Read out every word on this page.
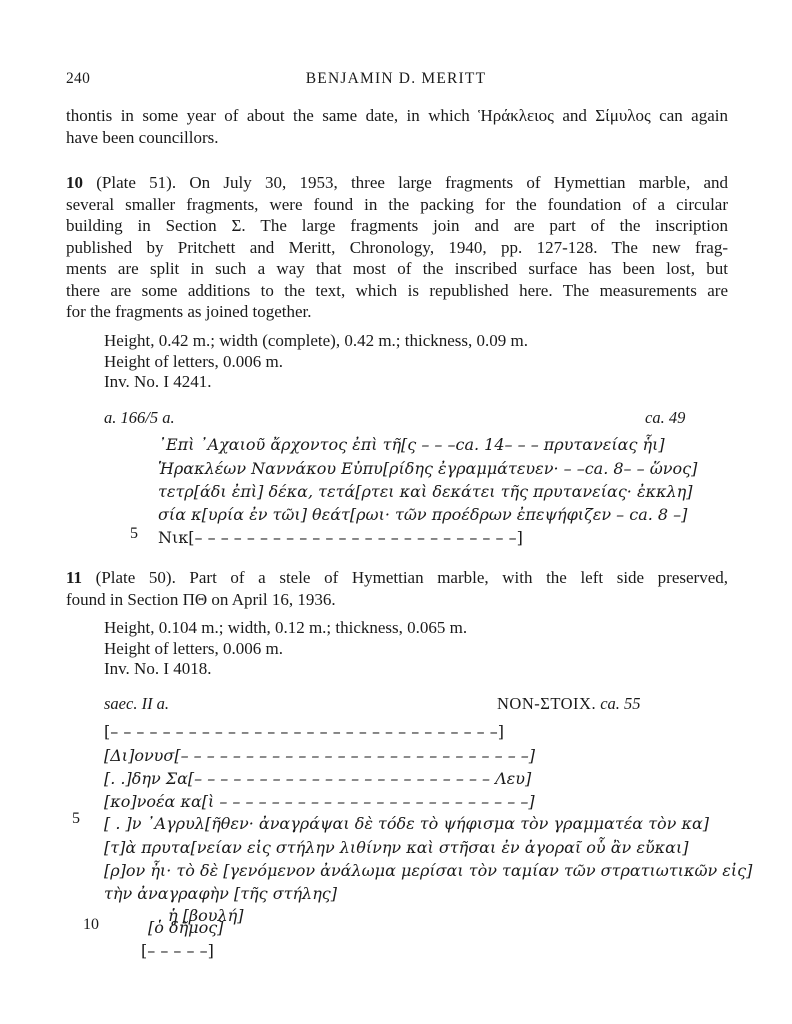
240	BENJAMIN D. MERITT
thontis in some year of about the same date, in which Ἡράκλειος and Σίμυλος can again
have been councillors.
10 (Plate 51). On July 30, 1953, three large fragments of Hymettian marble, and
several smaller fragments, were found in the packing for the foundation of a circular
building in Section Σ. The large fragments join and are part of the inscription
published by Pritchett and Meritt, Chronology, 1940, pp. 127-128. The new frag-
ments are split in such a way that most of the inscribed surface has been lost, but
there are some additions to the text, which is republished here. The measurements are
for the fragments as joined together.
Height, 0.42 m.; width (complete), 0.42 m.; thickness, 0.09 m.
Height of letters, 0.006 m.
Inv. No. I 4241.
a. 166/5 a.	ca. 49
᾿Επὶ ᾿Αχαιοῦ ἄρχοντος ἐπὶ τῆ[ς – – –ca. 14– – – πρυτανείας ἧι]
Ἡρακλέων Ναννάκου Εὐπυ[ρίδης ἐγραμμάτευεν· – –ca. 8– – ὥνος]
τετρ[άδι ἐπὶ] δέκα, τετά[ρτει καὶ δεκάτει τῆς πρυτανείας· ἐκκλη]
σία κ[υρία ἐν τῶι] θεάτ[ρωι· τῶν προέδρων ἐπεψήφιζεν – ca. 8 –]
5 Νικ[– – – – – – – – – – – – – – – – – – – – – – – – –]
11 (Plate 50). Part of a stele of Hymettian marble, with the left side preserved,
found in Section ΠΘ on April 16, 1936.
Height, 0.104 m.; width, 0.12 m.; thickness, 0.065 m.
Height of letters, 0.006 m.
Inv. No. I 4018.
saec. II a.	NON-ΣΤΟΙΧ. ca. 55
[– – – – – – – – – – – – – – – – – – – – – – – – – – – – – –]
[Δι]ονυσ[– – – – – – – – – – – – – – – – – – – – – – – – – – –]
[. .]δην Σα[– – – – – – – – – – – – – – – – – – – – – – – Λευ]
[κο]νοέα κα[ὶ – – – – – – – – – – – – – – – – – – – – – – – –]
5 [ . ]ν ᾿Αγρυλ[ῆθεν· ἀναγράψαι δὲ τόδε τὸ ψήφισμα τὸν γραμματέα τὸν κα]
[τ]ὰ πρυτα[νείαν εἰς στήλην λιθίνην καὶ στῆσαι ἐν ἀγοραῖ οὗ ἂν εὔκαι]
[ρ]ον ἦι· τὸ δὲ [γενόμενον ἀνάλωμα μερίσαι τὸν ταμίαν τῶν στρατιωτικῶν εἰς]
τὴν ἀναγραφὴν [τῆς στήλης]
ἡ [βουλή]
10	[ὁ δῆμος]
[– – – – –]
